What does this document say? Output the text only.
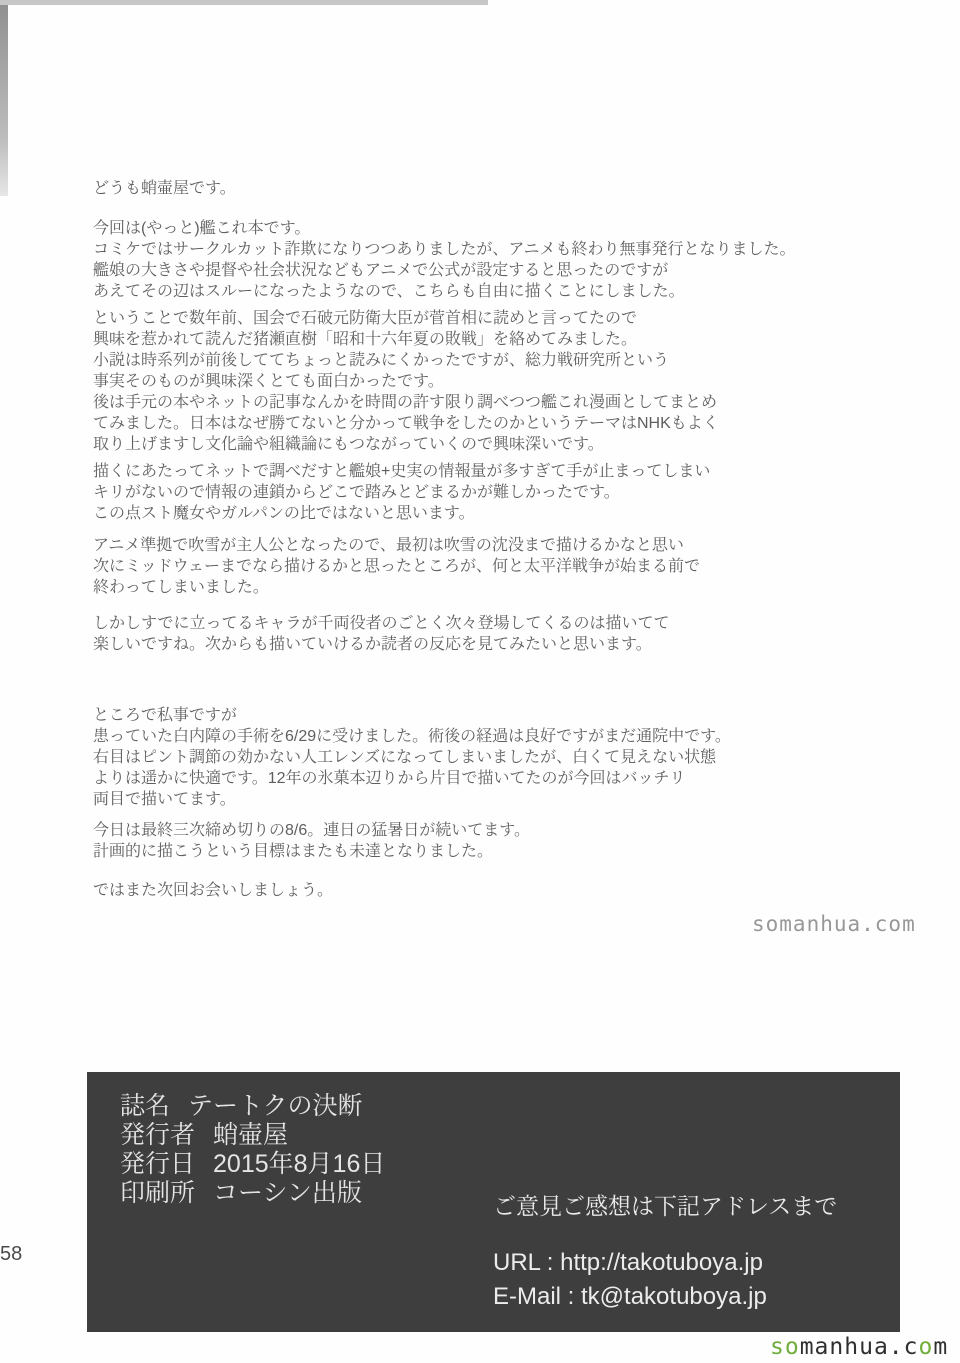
どうも蛸壷屋です。

今回は(やっと)艦これ本です。
コミケではサークルカット詐欺になりつつありましたが、アニメも終わり無事発行となりました。
艦娘の大きさや提督や社会状況などもアニメで公式が設定すると思ったのですが
あえてその辺はスルーになったようなので、こちらも自由に描くことにしました。

ということで数年前、国会で石破元防衛大臣が菅首相に読めと言ってたので
興味を惹かれて読んだ猪瀬直樹「昭和十六年夏の敗戦」を絡めてみました。
小説は時系列が前後しててちょっと読みにくかったですが、総力戦研究所という
事実そのものが興味深くとても面白かったです。
後は手元の本やネットの記事なんかを時間の許す限り調べつつ艦これ漫画としてまとめ
てみました。日本はなぜ勝てないと分かって戦争をしたのかというテーマはNHKもよく
取り上げますし文化論や組織論にもつながっていくので興味深いです。

描くにあたってネットで調べだすと艦娘+史実の情報量が多すぎて手が止まってしまい
キリがないので情報の連鎖からどこで踏みとどまるかが難しかったです。
この点スト魔女やガルパンの比ではないと思います。

アニメ準拠で吹雪が主人公となったので、最初は吹雪の沈没まで描けるかなと思い
次にミッドウェーまでなら描けるかと思ったところが、何と太平洋戦争が始まる前で
終わってしまいました。

しかしすでに立ってるキャラが千両役者のごとく次々登場してくるのは描いてて
楽しいですね。次からも描いていけるか読者の反応を見てみたいと思います。

ところで私事ですが
患っていた白内障の手術を6/29に受けました。術後の経過は良好ですがまだ通院中です。
右目はピント調節の効かない人工レンズになってしまいましたが、白くて見えない状態
よりは遥かに快適です。12年の氷菓本辺りから片目で描いてたのが今回はバッチリ
両目で描いてます。

今日は最終三次締め切りの8/6。連日の猛暑日が続いてます。
計画的に描こうという目標はまたも未達となりました。

ではまた次回お会いしましょう。

somanhua.com
誌名 テートクの決断
発行者 蛸壷屋
発行日 2015年8月16日
印刷所 コーシン出版	ご意見ご感想は下記アドレスまで
URL : http://takotuboya.jp
E-Mail : tk@takotuboya.jp
58
somanhua.com
